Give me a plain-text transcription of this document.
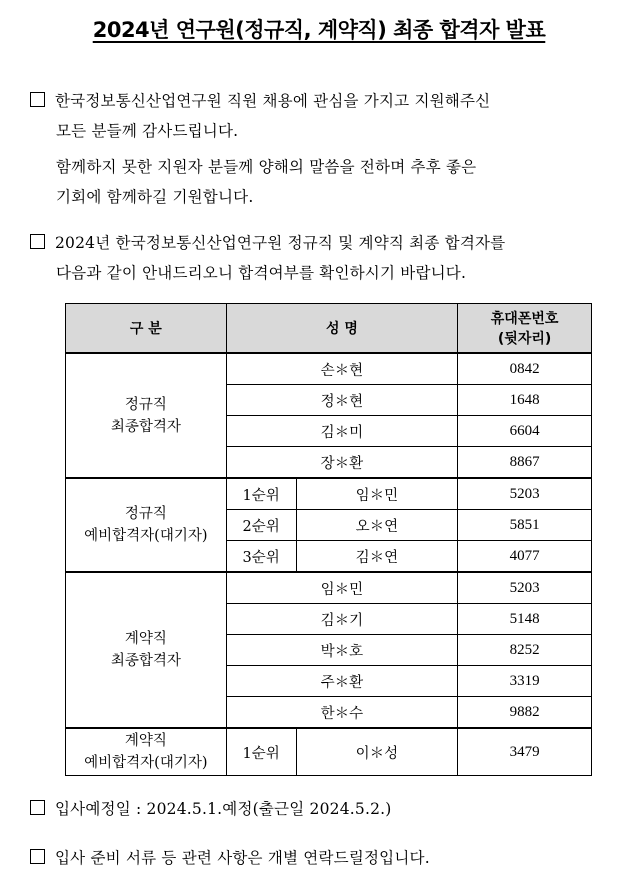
2024년 연구원(정규직, 계약직) 최종 합격자 발표
한국정보통신산업연구원 직원 채용에 관심을 가지고 지원해주신
모든 분들께 감사드립니다.
함께하지 못한 지원자 분들께 양해의 말씀을 전하며 추후 좋은
기회에 함께하길 기원합니다.
2024년 한국정보통신산업연구원 정규직 및 계약직 최종 합격자를
다음과 같이 안내드리오니 합격여부를 확인하시기 바랍니다.
구 분	성 명		휴대폰번호
(뒷자리)

정규직
최종합격자	손＊현		0842
	정＊현		1648
	김＊미		6604
	장＊환		8867

정규직
예비합격자(대기자)	1순위	임＊민	5203
	2순위	오＊연	5851
	3순위	김＊연	4077

계약직
최종합격자	임＊민		5203
	김＊기		5148
	박＊호		8252
	주＊환		3319
	한＊수		9882

계약직
예비합격자(대기자)	1순위	이＊성	3479
입사예정일 : 2024.5.1.예정(출근일 2024.5.2.)
입사 준비 서류 등 관련 사항은 개별 연락드릴정입니다.
